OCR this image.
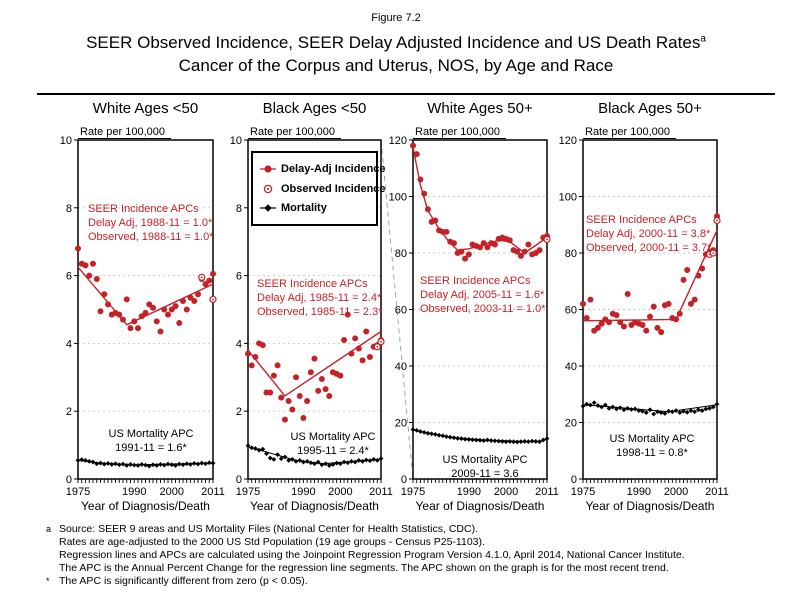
Figure 7.2
SEER Observed Incidence, SEER Delay Adjusted Incidence and US Death Rates$^a$
Cancer of the Corpus and Uterus, NOS, by Age and Race
White Ages <50
Rate per 100,000
0
2
4
6
8
10
1975	1990 2000 2011
Year of Diagnosis/Death
SEER Incidence APCs
Delay Adj, 1988-11 = 1.0*
Observed, 1988-11 = 1.0*
US Mortality APC
1991-11 = 1.6*
Black Ages <50
Rate per 100,000
0
2
4
6
8
10
1975	1990 2000 2011
Year of Diagnosis/Death
SEER Incidence APCs
Delay Adj, 1985-11 = 2.4*
Observed, 1985-11 = 2.3*
US Mortality APC
1995-11 = 2.4*
White Ages 50+
Rate per 100,000
0
20
40
60
80
100
120
1975	1990 2000 2011
Year of Diagnosis/Death
SEER Incidence APCs
Delay Adj, 2005-11 = 1.6*
Observed, 2003-11 = 1.0*
US Mortality APC
2009-11 = 3.6
Black Ages 50+
Rate per 100,000
0
20
40
60
80
100
120
1975	1990 2000 2011
Year of Diagnosis/Death
SEER Incidence APCs
Delay Adj, 2000-11 = 3.8*
Observed, 2000-11 = 3.7*
US Mortality APC
1998-11 = 0.8*
Delay-Adj Incidence
Observed Incidence
Mortality
a Source: SEER 9 areas and US Mortality Files (National Center for Health Statistics, CDC).
Rates are age-adjusted to the 2000 US Std Population (19 age groups - Census P25-1103).
Regression lines and APCs are calculated using the Joinpoint Regression Program Version 4.1.0, April 2014, National Cancer Institute.
The APC is the Annual Percent Change for the regression line segments. The APC shown on the graph is for the most recent trend.
* The APC is significantly different from zero (p < 0.05).
